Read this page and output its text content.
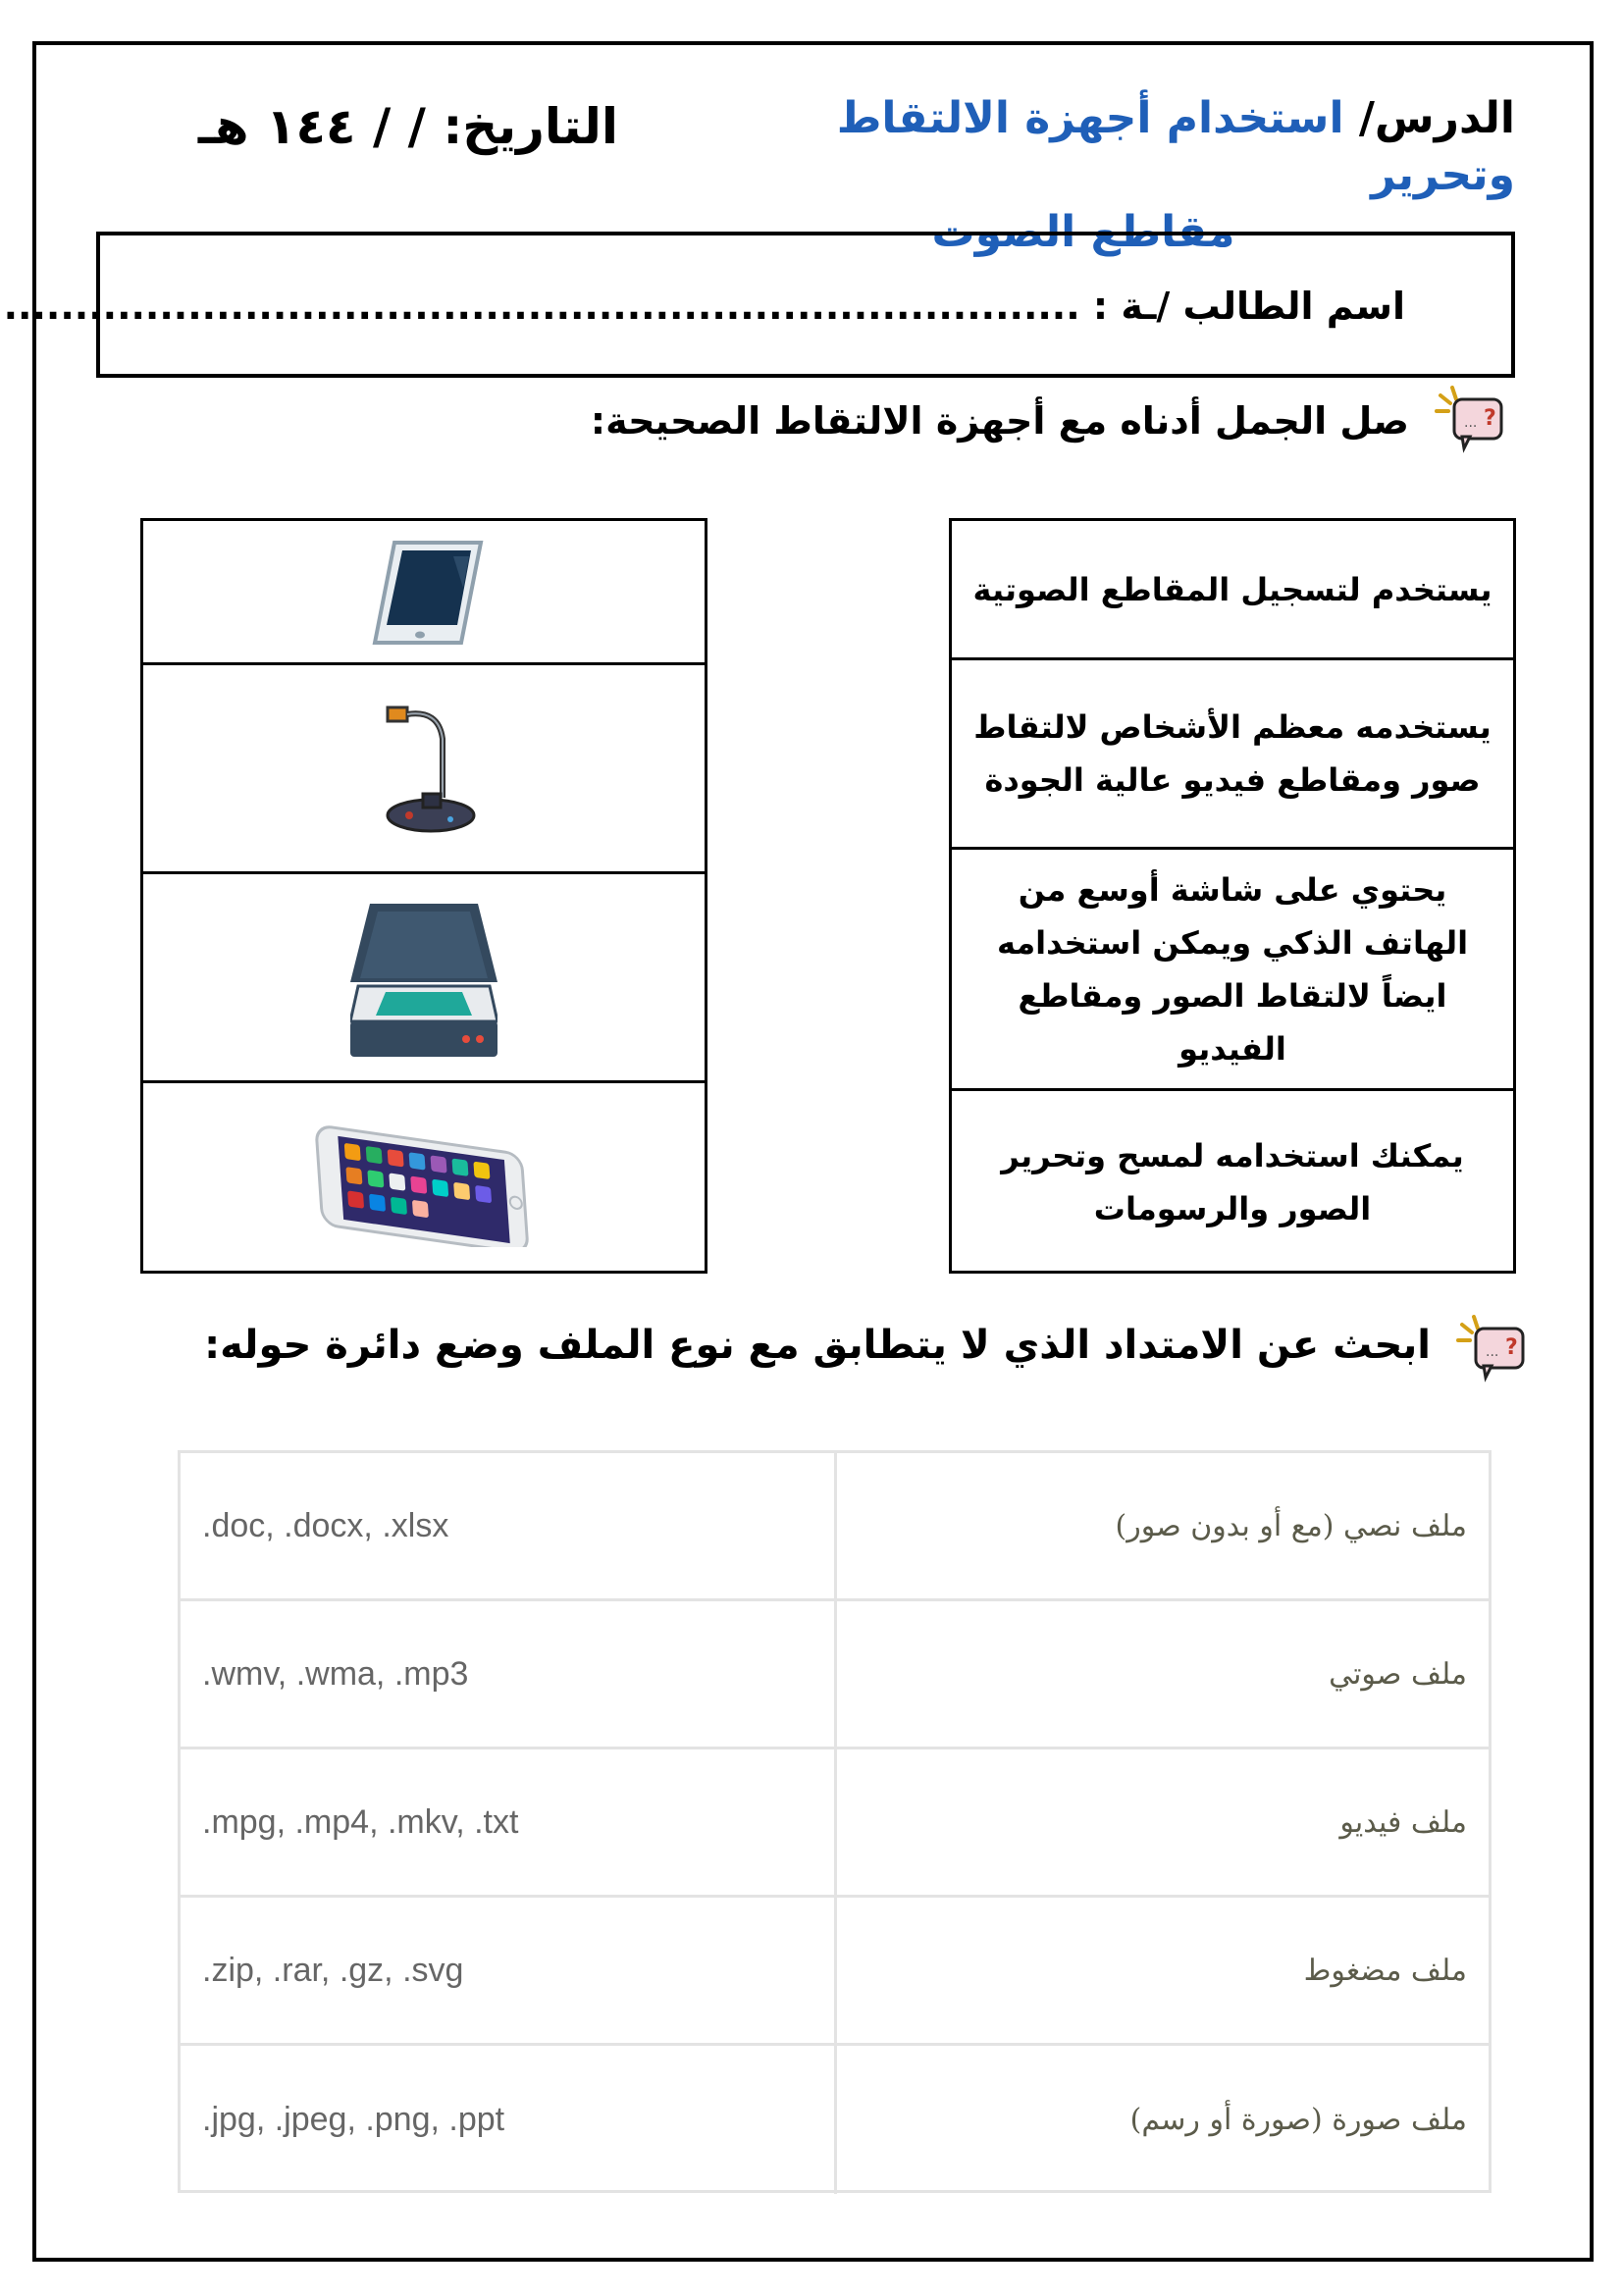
الدرس/ استخدام أجهزة الالتقاط وتحرير
مقاطع الصوت
التاريخ: / / ١٤٤ هـ
اسم الطالب /ـة : ............................................................................
?
...
صل الجمل أدناه مع أجهزة الالتقاط الصحيحة:
يستخدم لتسجيل المقاطع الصوتية
يستخدمه معظم الأشخاص لالتقاط صور ومقاطع فيديو عالية الجودة
يحتوي على شاشة أوسع من الهاتف الذكي ويمكن استخدامه ايضاً لالتقاط الصور ومقاطع الفيديو
يمكنك استخدامه لمسح وتحرير الصور والرسومات
?
...
ابحث عن الامتداد الذي لا يتطابق مع نوع الملف وضع دائرة حوله:
ملف نصي (مع أو بدون صور)
.doc, .docx, .xlsx
ملف صوتي
.wmv, .wma, .mp3
ملف فيديو
.mpg, .mp4, .mkv, .txt
ملف مضغوط
.zip, .rar, .gz, .svg
ملف صورة (صورة أو رسم)
.jpg, .jpeg, .png, .ppt
